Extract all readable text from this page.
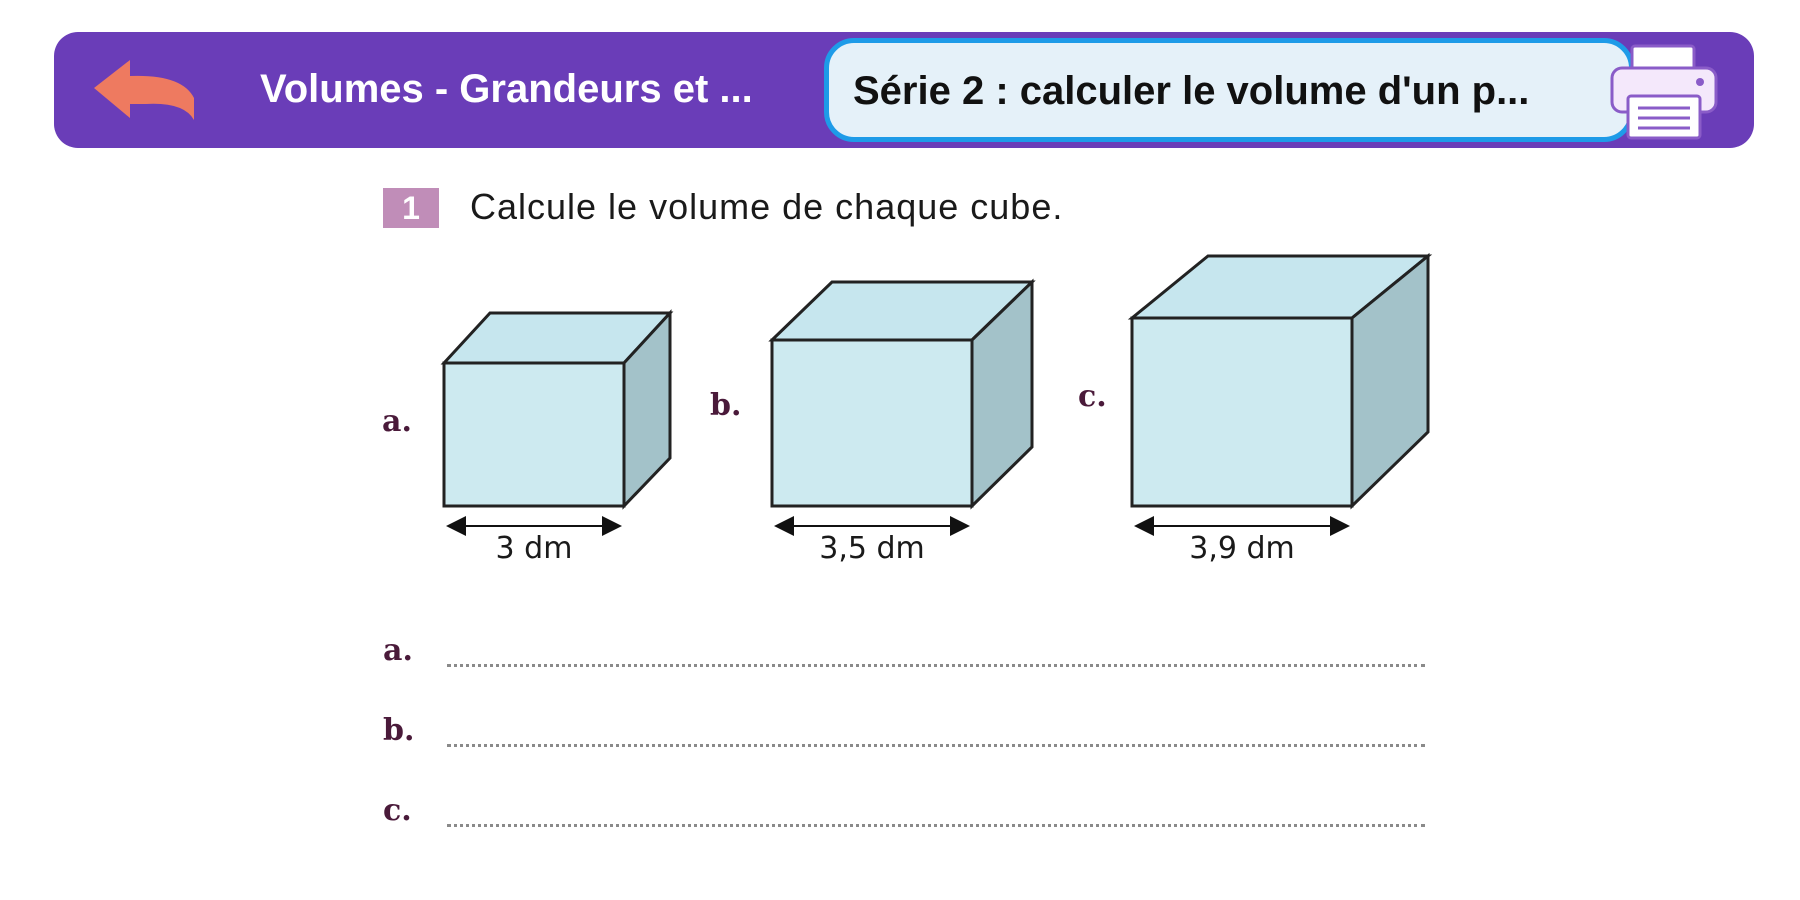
Volumes - Grandeurs et ...	Série 2 : calculer le volume d'un p...
1	Calcule le volume de chaque cube.
a.
3 dm
b.
3,5 dm
c.
3,9 dm
a.
b.
c.
